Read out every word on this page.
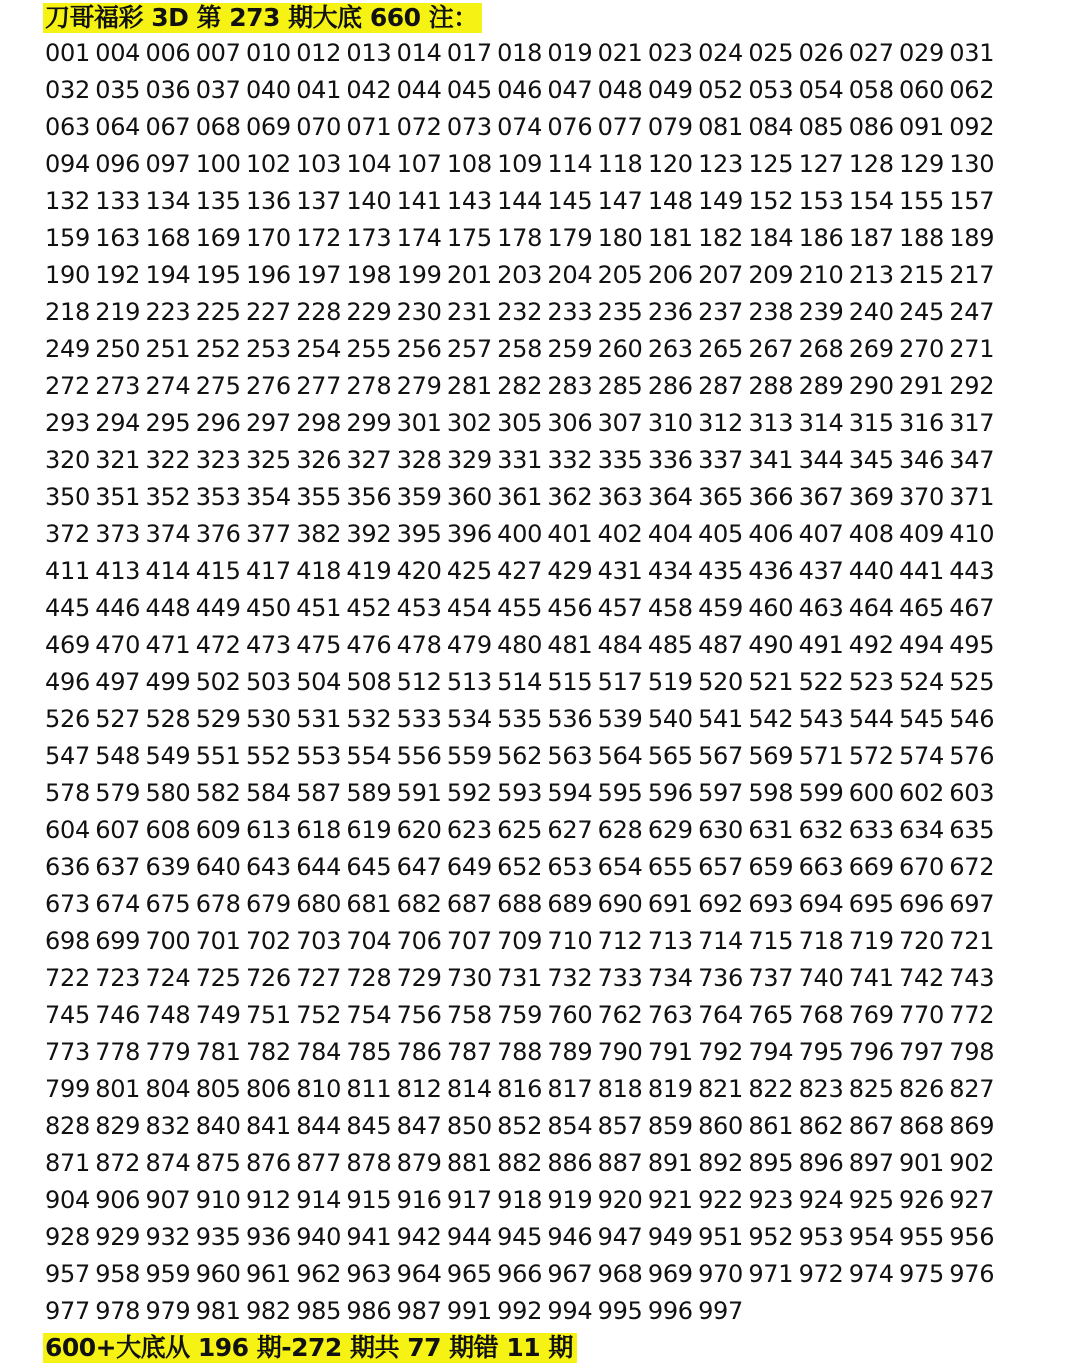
刀哥福彩 3D 第 273 期大底 660 注：
001 004 006 007 010 012 013 014 017 018 019 021 023 024 025 026 027 029 031
032 035 036 037 040 041 042 044 045 046 047 048 049 052 053 054 058 060 062
063 064 067 068 069 070 071 072 073 074 076 077 079 081 084 085 086 091 092
094 096 097 100 102 103 104 107 108 109 114 118 120 123 125 127 128 129 130
132 133 134 135 136 137 140 141 143 144 145 147 148 149 152 153 154 155 157
159 163 168 169 170 172 173 174 175 178 179 180 181 182 184 186 187 188 189
190 192 194 195 196 197 198 199 201 203 204 205 206 207 209 210 213 215 217
218 219 223 225 227 228 229 230 231 232 233 235 236 237 238 239 240 245 247
249 250 251 252 253 254 255 256 257 258 259 260 263 265 267 268 269 270 271
272 273 274 275 276 277 278 279 281 282 283 285 286 287 288 289 290 291 292
293 294 295 296 297 298 299 301 302 305 306 307 310 312 313 314 315 316 317
320 321 322 323 325 326 327 328 329 331 332 335 336 337 341 344 345 346 347
350 351 352 353 354 355 356 359 360 361 362 363 364 365 366 367 369 370 371
372 373 374 376 377 382 392 395 396 400 401 402 404 405 406 407 408 409 410
411 413 414 415 417 418 419 420 425 427 429 431 434 435 436 437 440 441 443
445 446 448 449 450 451 452 453 454 455 456 457 458 459 460 463 464 465 467
469 470 471 472 473 475 476 478 479 480 481 484 485 487 490 491 492 494 495
496 497 499 502 503 504 508 512 513 514 515 517 519 520 521 522 523 524 525
526 527 528 529 530 531 532 533 534 535 536 539 540 541 542 543 544 545 546
547 548 549 551 552 553 554 556 559 562 563 564 565 567 569 571 572 574 576
578 579 580 582 584 587 589 591 592 593 594 595 596 597 598 599 600 602 603
604 607 608 609 613 618 619 620 623 625 627 628 629 630 631 632 633 634 635
636 637 639 640 643 644 645 647 649 652 653 654 655 657 659 663 669 670 672
673 674 675 678 679 680 681 682 687 688 689 690 691 692 693 694 695 696 697
698 699 700 701 702 703 704 706 707 709 710 712 713 714 715 718 719 720 721
722 723 724 725 726 727 728 729 730 731 732 733 734 736 737 740 741 742 743
745 746 748 749 751 752 754 756 758 759 760 762 763 764 765 768 769 770 772
773 778 779 781 782 784 785 786 787 788 789 790 791 792 794 795 796 797 798
799 801 804 805 806 810 811 812 814 816 817 818 819 821 822 823 825 826 827
828 829 832 840 841 844 845 847 850 852 854 857 859 860 861 862 867 868 869
871 872 874 875 876 877 878 879 881 882 886 887 891 892 895 896 897 901 902
904 906 907 910 912 914 915 916 917 918 919 920 921 922 923 924 925 926 927
928 929 932 935 936 940 941 942 944 945 946 947 949 951 952 953 954 955 956
957 958 959 960 961 962 963 964 965 966 967 968 969 970 971 972 974 975 976
977 978 979 981 982 985 986 987 991 992 994 995 996 997
600+大底从 196 期-272 期共 77 期错 11 期
